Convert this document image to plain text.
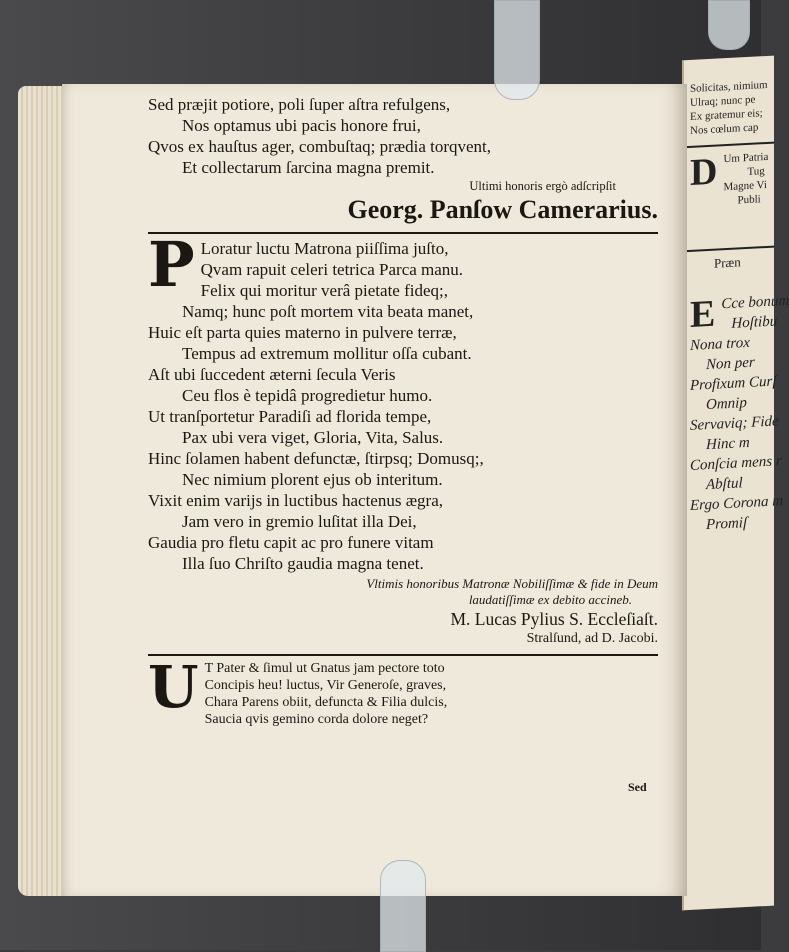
Solicitas, nimium
Ulraq; nunc pe
Ex gratemur eis;
Nos cœlum cap
D Um Patria
Tug
Magne Vi
Publi
Præn
E Cce bonum
Hoſtibu
Nona trox
Non per
Profixum Curſ
Omnip
Servaviq; Fide
Hinc m
Conſcia mens r
Abſtul
Ergo Corona m
Promiſ
Sed præjit potiore, poli ſuper aſtra refulgens,
Nos optamus ubi pacis honore frui,
Qvos ex hauſtus ager, combuſtaq; prædia torqvent,
Et collectarum ſarcina magna premit.
Ultimi honoris ergò adſcripſit
Georg. Panſow Camerarius.
P Loratur luctu Matrona piiſſima juſto,
Qvam rapuit celeri tetrica Parca manu.
Felix qui moritur verâ pietate fideq;,
Namq; hunc poſt mortem vita beata manet,
Huic eſt parta quies materno in pulvere terræ,
Tempus ad extremum mollitur oſſa cubant.
Aſt ubi ſuccedent æterni ſecula Veris
Ceu flos è tepidâ progredietur humo.
Ut tranſportetur Paradiſi ad florida tempe,
Pax ubi vera viget, Gloria, Vita, Salus.
Hinc ſolamen habent defunctæ, ſtirpsq; Domusq;,
Nec nimium plorent ejus ob interitum.
Vixit enim varijs in luctibus hactenus ægra,
Jam vero in gremio luſitat illa Dei,
Gaudia pro fletu capit ac pro funere vitam
Illa ſuo Chriſto gaudia magna tenet.
Vltimis honoribus Matronæ Nobiliſſimæ & fide in Deum
laudatiſſimæ ex debito accineb.
M. Lucas Pylius S. Eccleſiaſt.
Stralſund, ad D. Jacobi.
U T Pater & ſimul ut Gnatus jam pectore toto
Concipis heu! luctus, Vir Generoſe, graves,
Chara Parens obiit, defuncta & Filia dulcis,
Saucia qvis gemino corda dolore neget?
Sed
